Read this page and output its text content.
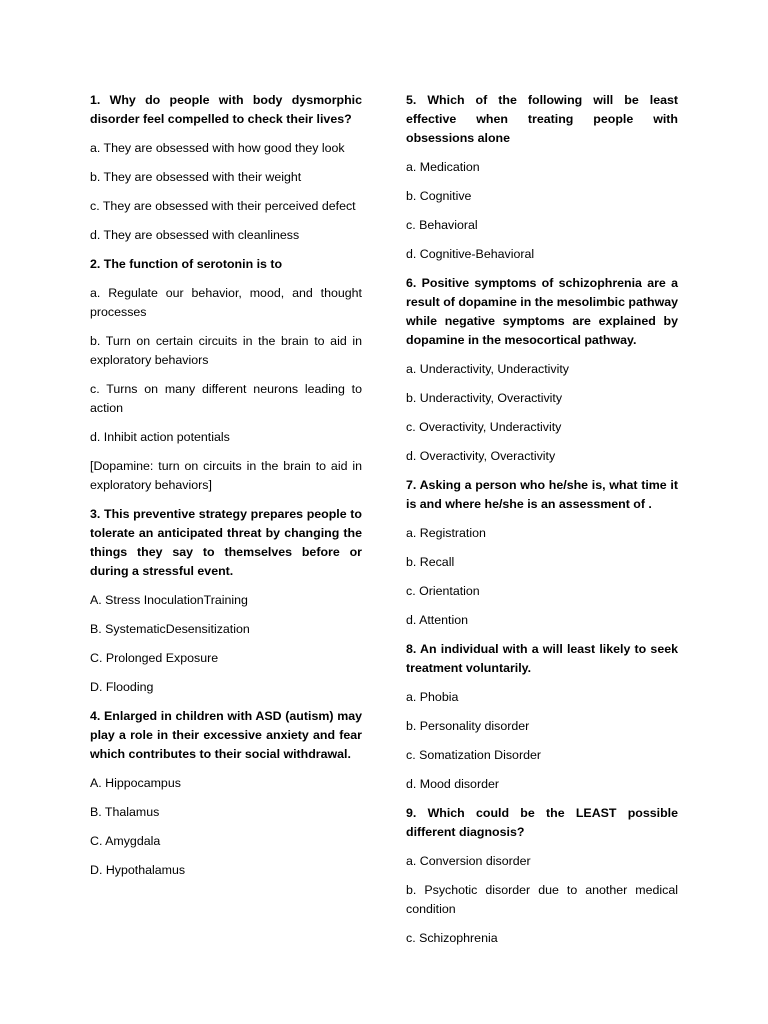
1. Why do people with body dysmorphic disorder feel compelled to check their lives?

a. They are obsessed with how good they look

b. They are obsessed with their weight

c. They are obsessed with their perceived defect

d. They are obsessed with cleanliness

2. The function of serotonin is to

a. Regulate our behavior, mood, and thought processes

b. Turn on certain circuits in the brain to aid in exploratory behaviors

c. Turns on many different neurons leading to action

d. Inhibit action potentials

[Dopamine: turn on circuits in the brain to aid in exploratory behaviors]

3. This preventive strategy prepares people to tolerate an anticipated threat by changing the things they say to themselves before or during a stressful event.

A. Stress InoculationTraining

B. SystematicDesensitization

C. Prolonged Exposure

D. Flooding

4. Enlarged in children with ASD (autism) may play a role in their excessive anxiety and fear which contributes to their social withdrawal.

A. Hippocampus

B. Thalamus

C. Amygdala

D. Hypothalamus

5. Which of the following will be least effective when treating people with obsessions alone

a. Medication

b. Cognitive

c. Behavioral

d. Cognitive-Behavioral

6. Positive symptoms of schizophrenia are a result of dopamine in the mesolimbic pathway while negative symptoms are explained by dopamine in the mesocortical pathway.

a. Underactivity, Underactivity

b. Underactivity, Overactivity

c. Overactivity, Underactivity

d. Overactivity, Overactivity

7. Asking a person who he/she is, what time it is and where he/she is an assessment of .

a. Registration

b. Recall

c. Orientation

d. Attention

8. An individual with a will least likely to seek treatment voluntarily.

a. Phobia

b. Personality disorder

c. Somatization Disorder

d. Mood disorder

9. Which could be the LEAST possible different diagnosis?

a. Conversion disorder

b. Psychotic disorder due to another medical condition

c. Schizophrenia
